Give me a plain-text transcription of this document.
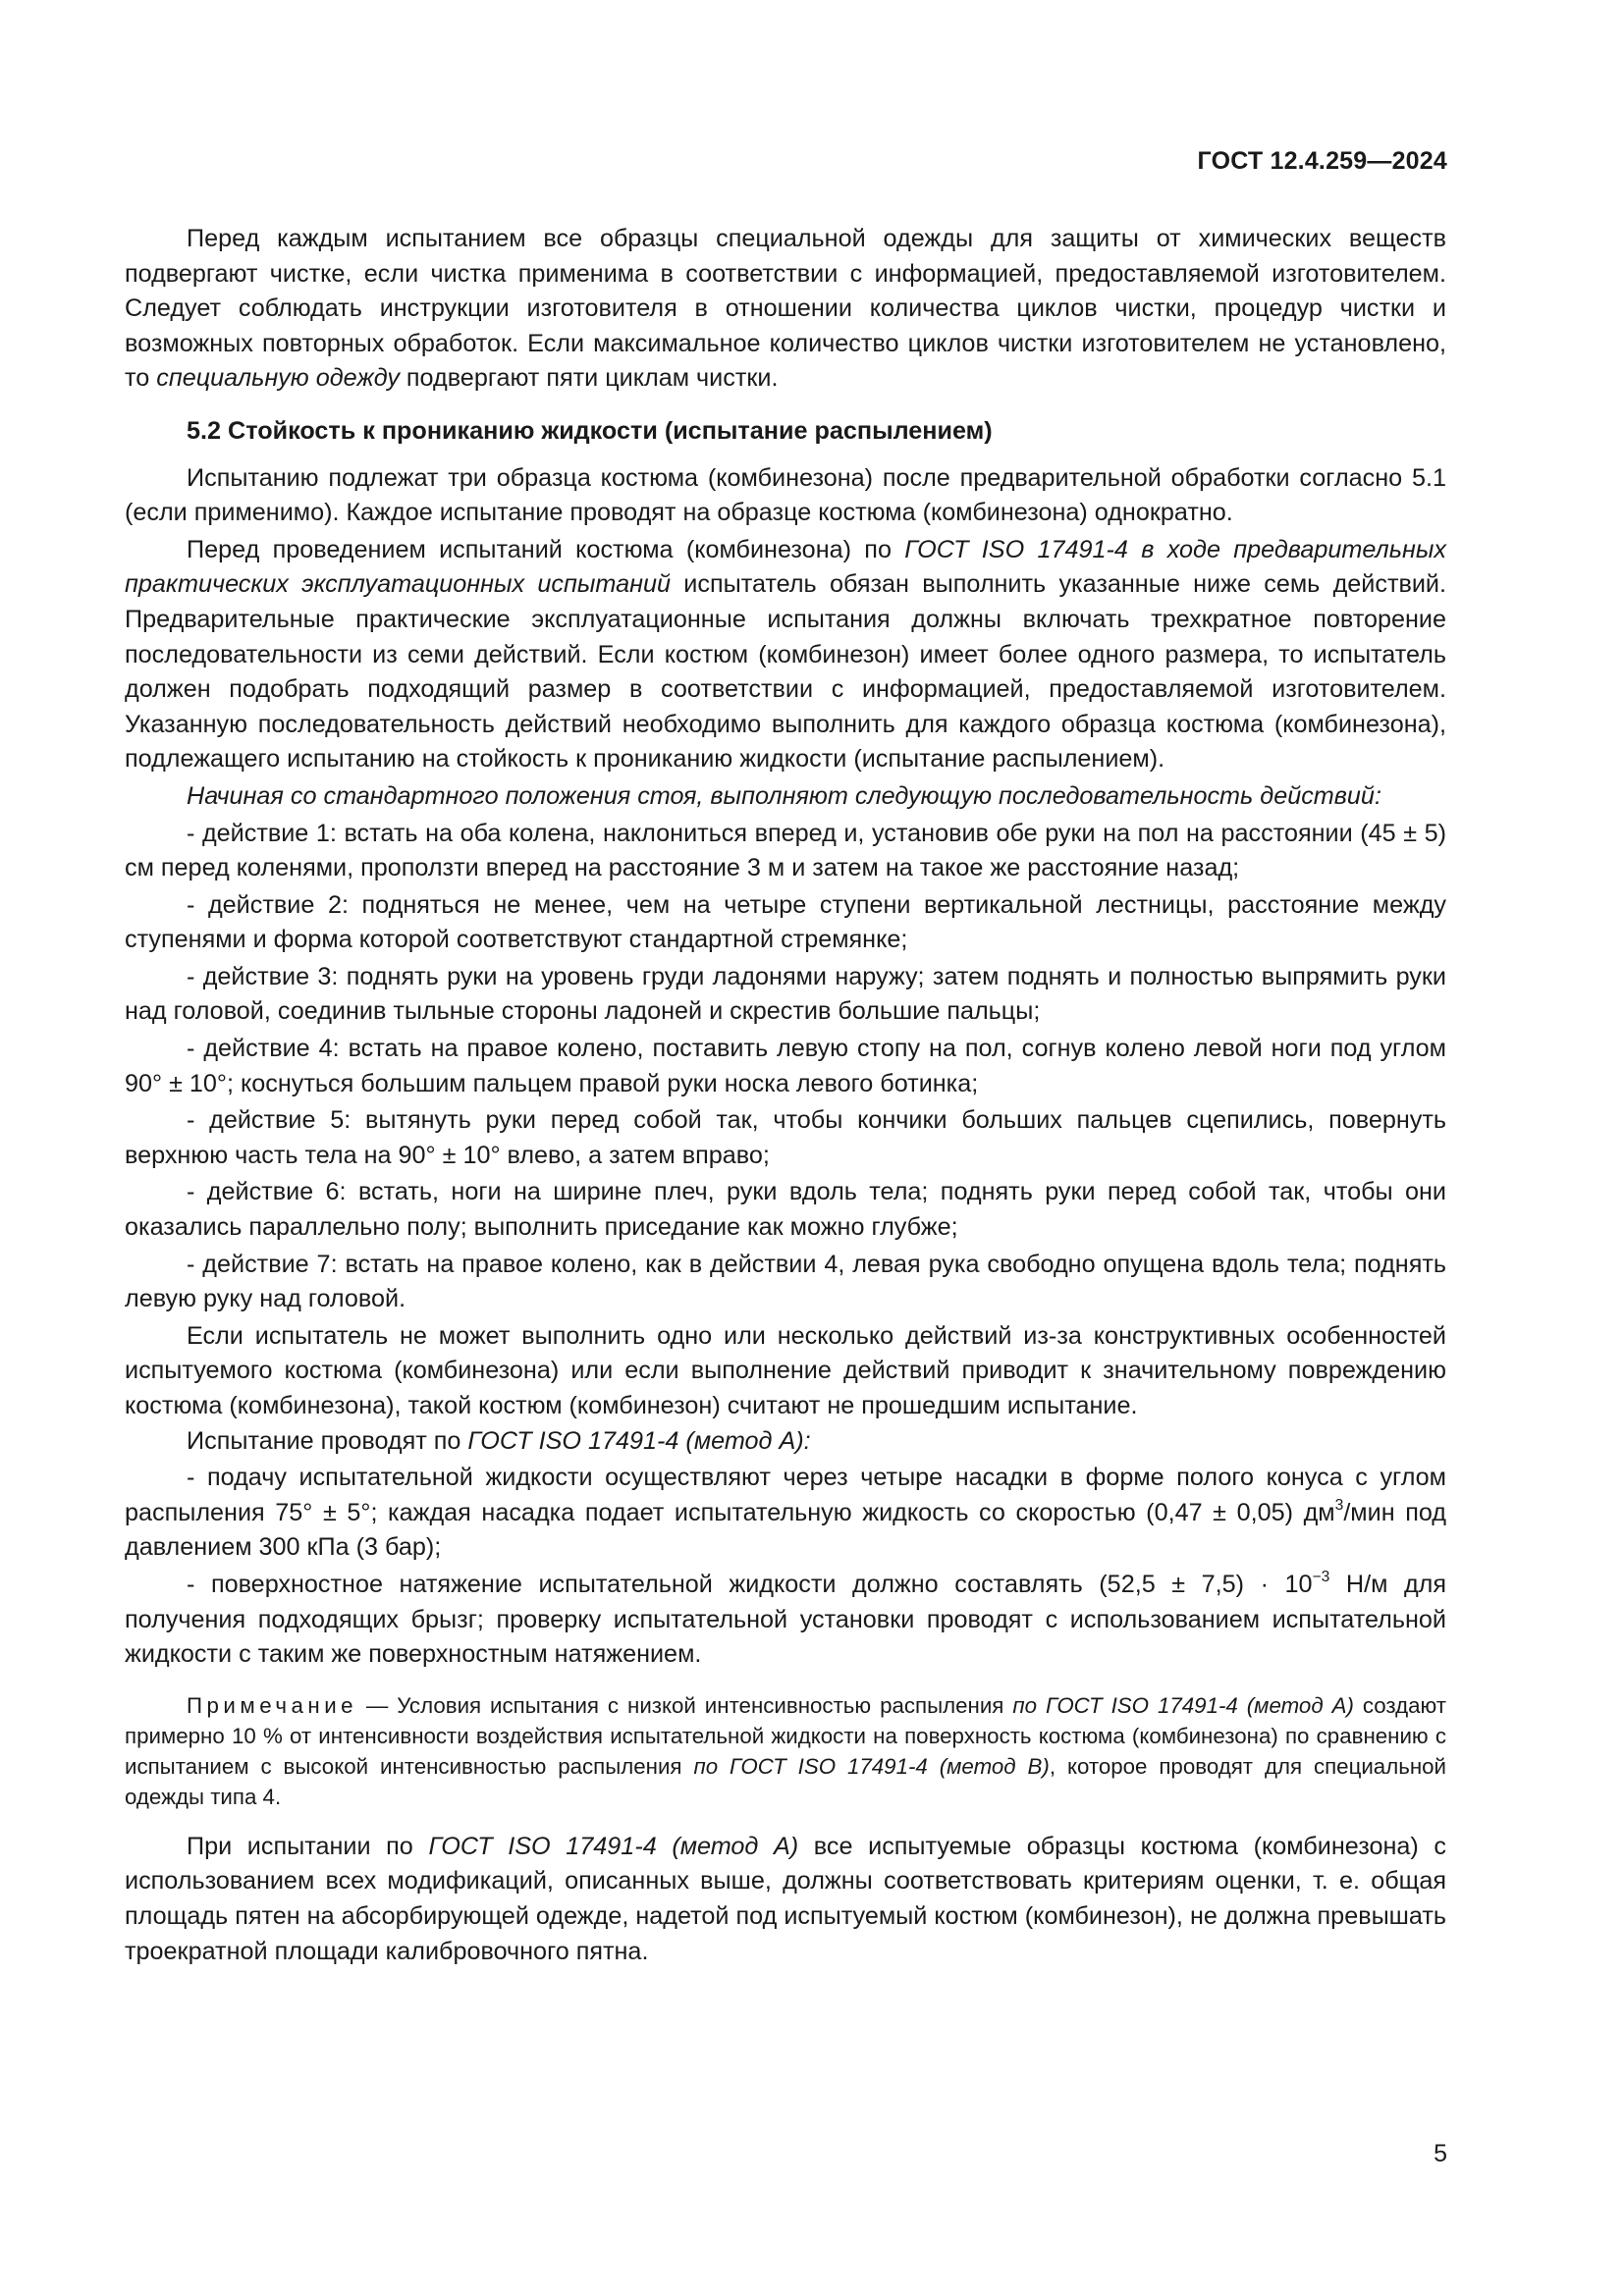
ГОСТ 12.4.259—2024

Перед каждым испытанием все образцы специальной одежды для защиты от химических веществ подвергают чистке, если чистка применима в соответствии с информацией, предоставляемой изготовителем. Следует соблюдать инструкции изготовителя в отношении количества циклов чистки, процедур чистки и возможных повторных обработок. Если максимальное количество циклов чистки изготовителем не установлено, то специальную одежду подвергают пяти циклам чистки.

5.2 Стойкость к прониканию жидкости (испытание распылением)

Испытанию подлежат три образца костюма (комбинезона) после предварительной обработки согласно 5.1 (если применимо). Каждое испытание проводят на образце костюма (комбинезона) однократно.

Перед проведением испытаний костюма (комбинезона) по ГОСТ ISO 17491-4 в ходе предварительных практических эксплуатационных испытаний испытатель обязан выполнить указанные ниже семь действий. Предварительные практические эксплуатационные испытания должны включать трехкратное повторение последовательности из семи действий. Если костюм (комбинезон) имеет более одного размера, то испытатель должен подобрать подходящий размер в соответствии с информацией, предоставляемой изготовителем. Указанную последовательность действий необходимо выполнить для каждого образца костюма (комбинезона), подлежащего испытанию на стойкость к прониканию жидкости (испытание распылением).

Начиная со стандартного положения стоя, выполняют следующую последовательность действий:

- действие 1: встать на оба колена, наклониться вперед и, установив обе руки на пол на расстоянии (45 ± 5) см перед коленями, проползти вперед на расстояние 3 м и затем на такое же расстояние назад;

- действие 2: подняться не менее, чем на четыре ступени вертикальной лестницы, расстояние между ступенями и форма которой соответствуют стандартной стремянке;

- действие 3: поднять руки на уровень груди ладонями наружу; затем поднять и полностью выпрямить руки над головой, соединив тыльные стороны ладоней и скрестив большие пальцы;

- действие 4: встать на правое колено, поставить левую стопу на пол, согнув колено левой ноги под углом 90° ± 10°; коснуться большим пальцем правой руки носка левого ботинка;

- действие 5: вытянуть руки перед собой так, чтобы кончики больших пальцев сцепились, повернуть верхнюю часть тела на 90° ± 10° влево, а затем вправо;

- действие 6: встать, ноги на ширине плеч, руки вдоль тела; поднять руки перед собой так, чтобы они оказались параллельно полу; выполнить приседание как можно глубже;

- действие 7: встать на правое колено, как в действии 4, левая рука свободно опущена вдоль тела; поднять левую руку над головой.

Если испытатель не может выполнить одно или несколько действий из-за конструктивных особенностей испытуемого костюма (комбинезона) или если выполнение действий приводит к значительному повреждению костюма (комбинезона), такой костюм (комбинезон) считают не прошедшим испытание.

Испытание проводят по ГОСТ ISO 17491-4 (метод А):

- подачу испытательной жидкости осуществляют через четыре насадки в форме полого конуса с углом распыления 75° ± 5°; каждая насадка подает испытательную жидкость со скоростью (0,47 ± 0,05) $дм^3$/мин под давлением 300 кПа (3 бар);

- поверхностное натяжение испытательной жидкости должно составлять $(52,5 \pm 7,5) \cdot 10^{-3}$ Н/м для получения подходящих брызг; проверку испытательной установки проводят с использованием испытательной жидкости с таким же поверхностным натяжением.

Примечание — Условия испытания с низкой интенсивностью распыления по ГОСТ ISO 17491-4 (метод А) создают примерно 10 % от интенсивности воздействия испытательной жидкости на поверхность костюма (комбинезона) по сравнению с испытанием с высокой интенсивностью распыления по ГОСТ ISO 17491-4 (метод В), которое проводят для специальной одежды типа 4.

При испытании по ГОСТ ISO 17491-4 (метод А) все испытуемые образцы костюма (комбинезона) с использованием всех модификаций, описанных выше, должны соответствовать критериям оценки, т. е. общая площадь пятен на абсорбирующей одежде, надетой под испытуемый костюм (комбинезон), не должна превышать троекратной площади калибровочного пятна.

5
